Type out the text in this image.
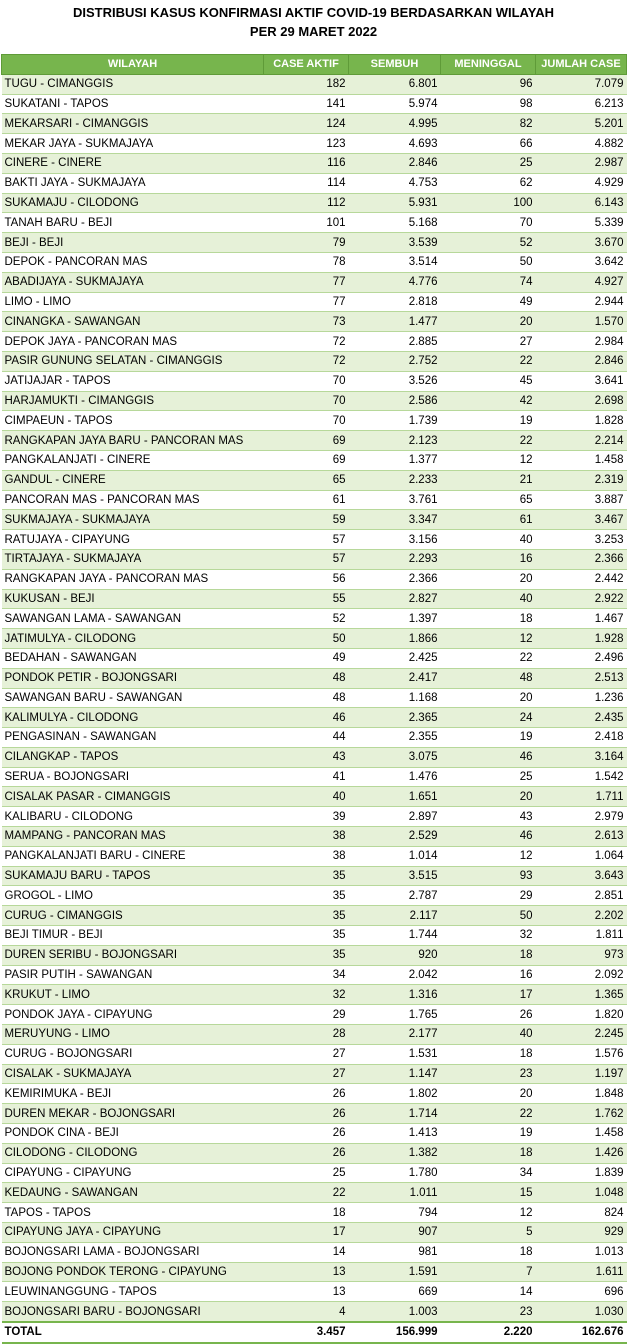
DISTRIBUSI KASUS KONFIRMASI AKTIF COVID-19 BERDASARKAN WILAYAH
PER 29 MARET 2022
WILAYAH	CASE AKTIF	SEMBUH	MENINGGAL	JUMLAH CASE
TUGU - CIMANGGIS	182	6.801	96	7.079
SUKATANI - TAPOS	141	5.974	98	6.213
MEKARSARI - CIMANGGIS	124	4.995	82	5.201
MEKAR JAYA - SUKMAJAYA	123	4.693	66	4.882
CINERE - CINERE	116	2.846	25	2.987
BAKTI JAYA - SUKMAJAYA	114	4.753	62	4.929
SUKAMAJU - CILODONG	112	5.931	100	6.143
TANAH BARU - BEJI	101	5.168	70	5.339
BEJI - BEJI	79	3.539	52	3.670
DEPOK - PANCORAN MAS	78	3.514	50	3.642
ABADIJAYA - SUKMAJAYA	77	4.776	74	4.927
LIMO - LIMO	77	2.818	49	2.944
CINANGKA - SAWANGAN	73	1.477	20	1.570
DEPOK JAYA - PANCORAN MAS	72	2.885	27	2.984
PASIR GUNUNG SELATAN - CIMANGGIS	72	2.752	22	2.846
JATIJAJAR - TAPOS	70	3.526	45	3.641
HARJAMUKTI - CIMANGGIS	70	2.586	42	2.698
CIMPAEUN - TAPOS	70	1.739	19	1.828
RANGKAPAN JAYA BARU - PANCORAN MAS	69	2.123	22	2.214
PANGKALANJATI - CINERE	69	1.377	12	1.458
GANDUL - CINERE	65	2.233	21	2.319
PANCORAN MAS - PANCORAN MAS	61	3.761	65	3.887
SUKMAJAYA - SUKMAJAYA	59	3.347	61	3.467
RATUJAYA - CIPAYUNG	57	3.156	40	3.253
TIRTAJAYA - SUKMAJAYA	57	2.293	16	2.366
RANGKAPAN JAYA - PANCORAN MAS	56	2.366	20	2.442
KUKUSAN - BEJI	55	2.827	40	2.922
SAWANGAN LAMA - SAWANGAN	52	1.397	18	1.467
JATIMULYA - CILODONG	50	1.866	12	1.928
BEDAHAN - SAWANGAN	49	2.425	22	2.496
PONDOK PETIR - BOJONGSARI	48	2.417	48	2.513
SAWANGAN BARU - SAWANGAN	48	1.168	20	1.236
KALIMULYA - CILODONG	46	2.365	24	2.435
PENGASINAN - SAWANGAN	44	2.355	19	2.418
CILANGKAP - TAPOS	43	3.075	46	3.164
SERUA - BOJONGSARI	41	1.476	25	1.542
CISALAK PASAR - CIMANGGIS	40	1.651	20	1.711
KALIBARU - CILODONG	39	2.897	43	2.979
MAMPANG - PANCORAN MAS	38	2.529	46	2.613
PANGKALANJATI BARU - CINERE	38	1.014	12	1.064
SUKAMAJU BARU - TAPOS	35	3.515	93	3.643
GROGOL - LIMO	35	2.787	29	2.851
CURUG - CIMANGGIS	35	2.117	50	2.202
BEJI TIMUR - BEJI	35	1.744	32	1.811
DUREN SERIBU - BOJONGSARI	35	920	18	973
PASIR PUTIH - SAWANGAN	34	2.042	16	2.092
KRUKUT - LIMO	32	1.316	17	1.365
PONDOK JAYA - CIPAYUNG	29	1.765	26	1.820
MERUYUNG - LIMO	28	2.177	40	2.245
CURUG - BOJONGSARI	27	1.531	18	1.576
CISALAK - SUKMAJAYA	27	1.147	23	1.197
KEMIRIMUKA - BEJI	26	1.802	20	1.848
DUREN MEKAR - BOJONGSARI	26	1.714	22	1.762
PONDOK CINA - BEJI	26	1.413	19	1.458
CILODONG - CILODONG	26	1.382	18	1.426
CIPAYUNG - CIPAYUNG	25	1.780	34	1.839
KEDAUNG - SAWANGAN	22	1.011	15	1.048
TAPOS - TAPOS	18	794	12	824
CIPAYUNG JAYA - CIPAYUNG	17	907	5	929
BOJONGSARI LAMA - BOJONGSARI	14	981	18	1.013
BOJONG PONDOK TERONG - CIPAYUNG	13	1.591	7	1.611
LEUWINANGGUNG - TAPOS	13	669	14	696
BOJONGSARI BARU - BOJONGSARI	4	1.003	23	1.030
TOTAL	3.457	156.999	2.220	162.676
